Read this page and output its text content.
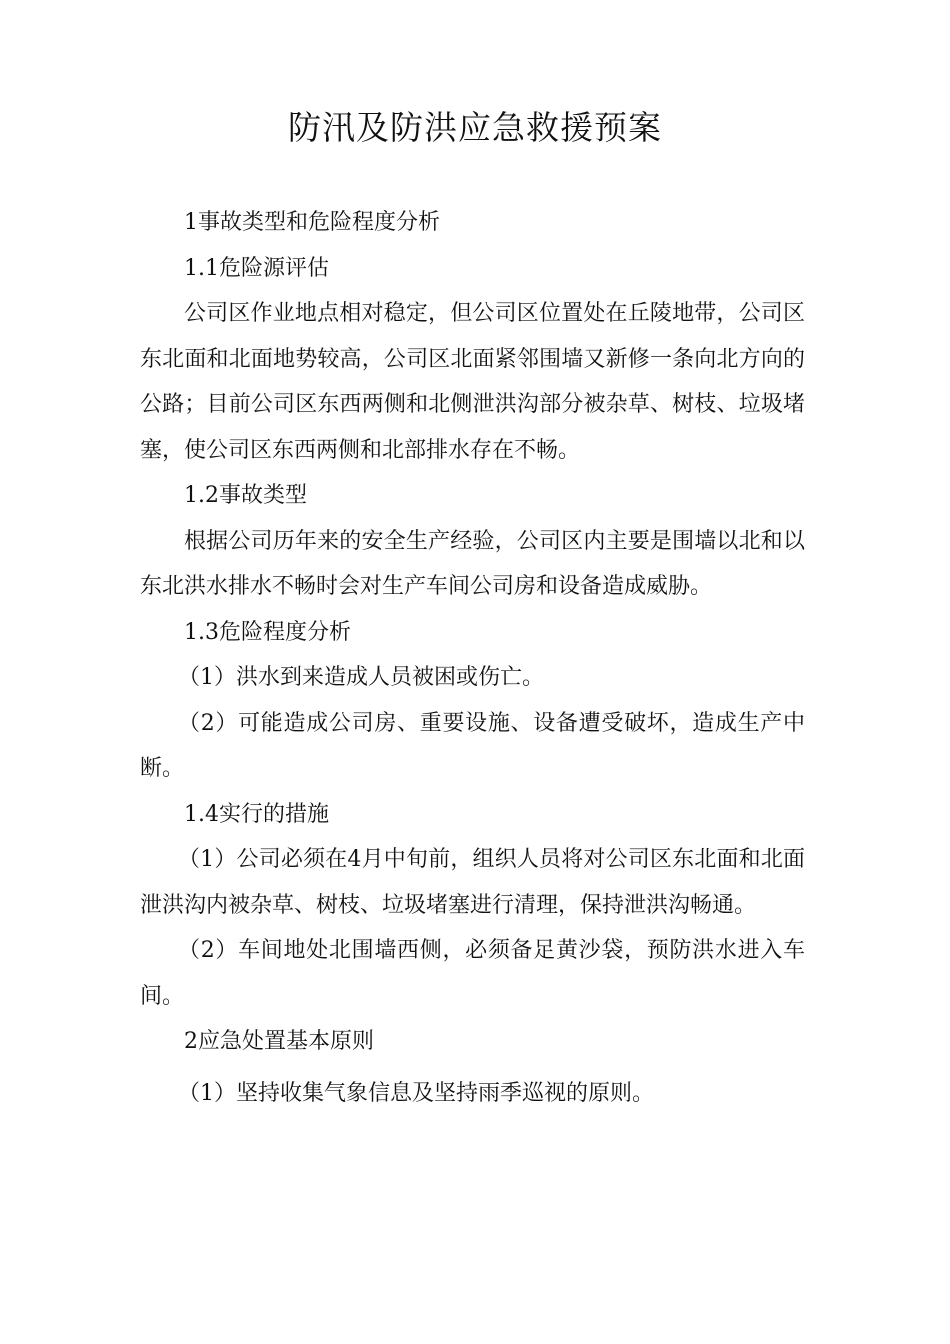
防汛及防洪应急救援预案

1事故类型和危险程度分析

1.1危险源评估

公司区作业地点相对稳定，但公司区位置处在丘陵地带，公司区东北面和北面地势较高，公司区北面紧邻围墙又新修一条向北方向的公路；目前公司区东西两侧和北侧泄洪沟部分被杂草、树枝、垃圾堵塞，使公司区东西两侧和北部排水存在不畅。

1.2事故类型

根据公司历年来的安全生产经验，公司区内主要是围墙以北和以东北洪水排水不畅时会对生产车间公司房和设备造成威胁。

1.3危险程度分析

（1）洪水到来造成人员被困或伤亡。

（2）可能造成公司房、重要设施、设备遭受破坏，造成生产中断。

1.4实行的措施

（1）公司必须在4月中旬前，组织人员将对公司区东北面和北面泄洪沟内被杂草、树枝、垃圾堵塞进行清理，保持泄洪沟畅通。

（2）车间地处北围墙西侧，必须备足黄沙袋，预防洪水进入车间。

2应急处置基本原则

（1）坚持收集气象信息及坚持雨季巡视的原则。
